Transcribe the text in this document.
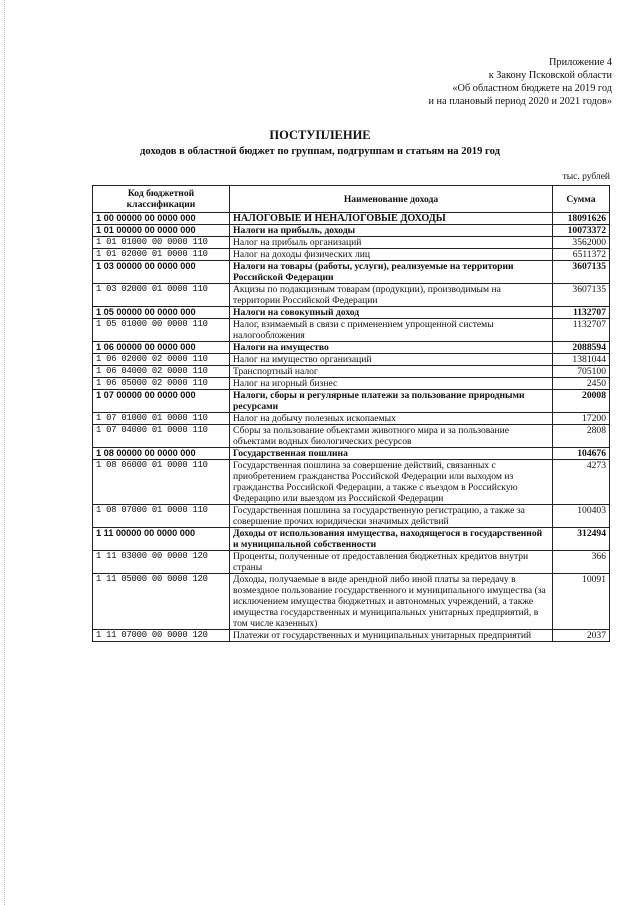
Приложение 4
к Закону Псковской области
«Об областном бюджете на 2019 год
и на плановый период 2020 и 2021 годов»
ПОСТУПЛЕНИЕ
доходов в областной бюджет по группам, подгруппам и статьям на 2019 год
тыс. рублей
Код бюджетной классификации	Наименование дохода	Сумма
1 00 00000 00 0000 000	НАЛОГОВЫЕ И НЕНАЛОГОВЫЕ ДОХОДЫ	18091626
1 01 00000 00 0000 000	Налоги на прибыль, доходы	10073372
1 01 01000 00 0000 110	Налог на прибыль организаций	3562000
1 01 02000 01 0000 110	Налог на доходы физических лиц	6511372
1 03 00000 00 0000 000	Налоги на товары (работы, услуги), реализуемые на территории Российской Федерации	3607135
1 03 02000 01 0000 110	Акцизы по подакцизным товарам (продукции), производимым на территории Российской Федерации	3607135
1 05 00000 00 0000 000	Налоги на совокупный доход	1132707
1 05 01000 00 0000 110	Налог, взимаемый в связи с применением упрощенной системы налогообложения	1132707
1 06 00000 00 0000 000	Налоги на имущество	2088594
1 06 02000 02 0000 110	Налог на имущество организаций	1381044
1 06 04000 02 0000 110	Транспортный налог	705100
1 06 05000 02 0000 110	Налог на игорный бизнес	2450
1 07 00000 00 0000 000	Налоги, сборы и регулярные платежи за пользование природными ресурсами	20008
1 07 01000 01 0000 110	Налог на добычу полезных ископаемых	17200
1 07 04000 01 0000 110	Сборы за пользование объектами животного мира и за пользование объектами водных биологических ресурсов	2808
1 08 00000 00 0000 000	Государственная пошлина	104676
1 08 06000 01 0000 110	Государственная пошлина за совершение действий, связанных с приобретением гражданства Российской Федерации или выходом из гражданства Российской Федерации, а также с въездом в Российскую Федерацию или выездом из Российской Федерации	4273
1 08 07000 01 0000 110	Государственная пошлина за государственную регистрацию, а также за совершение прочих юридически значимых действий	100403
1 11 00000 00 0000 000	Доходы от использования имущества, находящегося в государственной и муниципальной собственности	312494
1 11 03000 00 0000 120	Проценты, полученные от предоставления бюджетных кредитов внутри страны	366
1 11 05000 00 0000 120	Доходы, получаемые в виде арендной либо иной платы за передачу в возмездное пользование государственного и муниципального имущества (за исключением имущества бюджетных и автономных учреждений, а также имущества государственных и муниципальных унитарных предприятий, в том числе казенных)	10091
1 11 07000 00 0000 120	Платежи от государственных и муниципальных унитарных предприятий	2037
